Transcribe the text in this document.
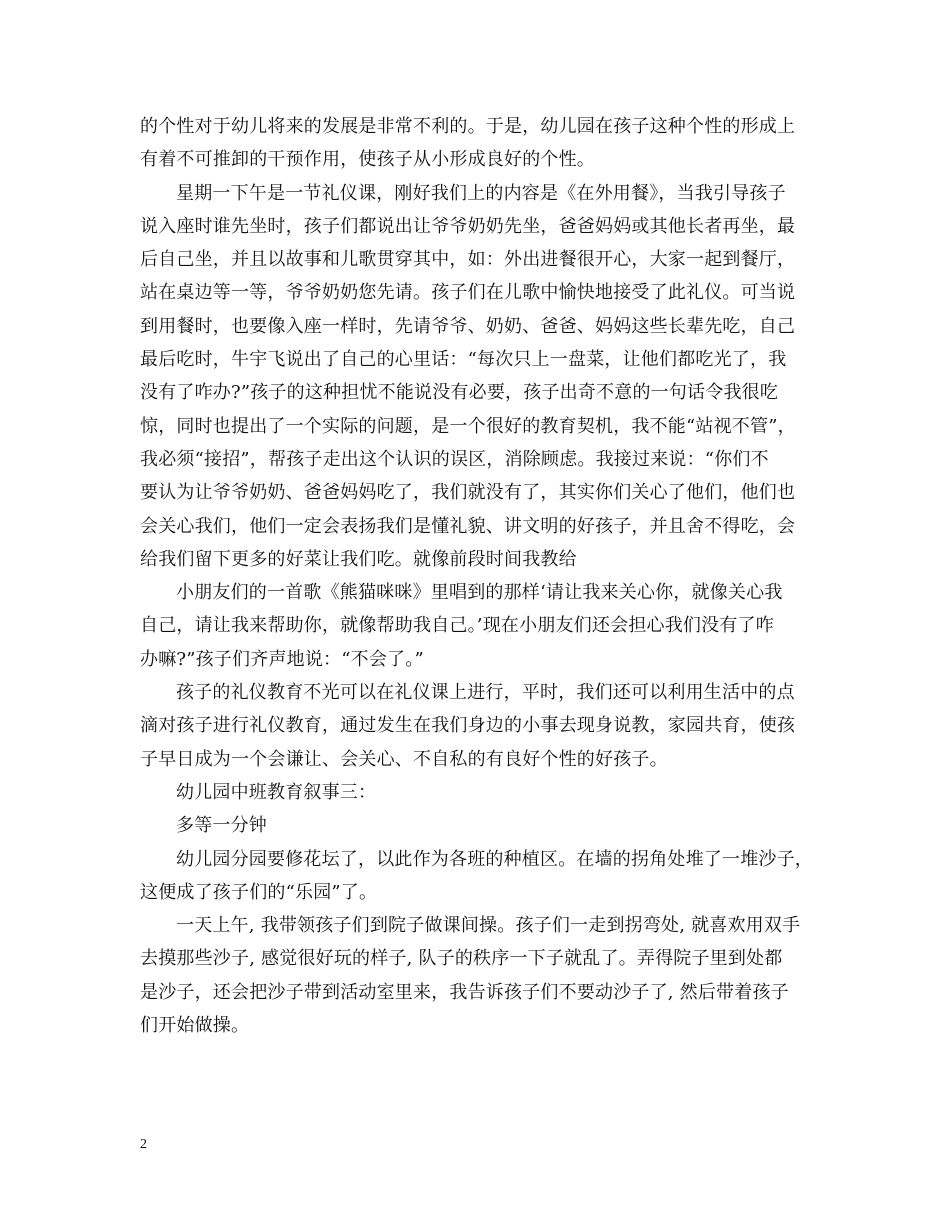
的个性对于幼儿将来的发展是非常不利的。于是，幼儿园在孩子这种个性的形成上
有着不可推卸的干预作用，使孩子从小形成良好的个性。
星期一下午是一节礼仪课，刚好我们上的内容是《在外用餐》，当我引导孩子
说入座时谁先坐时，孩子们都说出让爷爷奶奶先坐，爸爸妈妈或其他长者再坐，最
后自己坐，并且以故事和儿歌贯穿其中，如：外出进餐很开心，大家一起到餐厅，
站在桌边等一等，爷爷奶奶您先请。孩子们在儿歌中愉快地接受了此礼仪。可当说
到用餐时，也要像入座一样时，先请爷爷、奶奶、爸爸、妈妈这些长辈先吃，自己
最后吃时，牛宇飞说出了自己的心里话：“每次只上一盘菜，让他们都吃光了，我
没有了咋办?”孩子的这种担忧不能说没有必要，孩子出奇不意的一句话令我很吃
惊，同时也提出了一个实际的问题，是一个很好的教育契机，我不能“站视不管”，
我必须“接招”，帮孩子走出这个认识的误区，消除顾虑。我接过来说：“你们不
要认为让爷爷奶奶、爸爸妈妈吃了，我们就没有了，其实你们关心了他们，他们也
会关心我们，他们一定会表扬我们是懂礼貌、讲文明的好孩子，并且舍不得吃，会
给我们留下更多的好菜让我们吃。就像前段时间我教给
小朋友们的一首歌《熊猫咪咪》里唱到的那样‘请让我来关心你，就像关心我
自己，请让我来帮助你，就像帮助我自己。’现在小朋友们还会担心我们没有了咋
办嘛?”孩子们齐声地说：“不会了。”
孩子的礼仪教育不光可以在礼仪课上进行，平时，我们还可以利用生活中的点
滴对孩子进行礼仪教育，通过发生在我们身边的小事去现身说教，家园共育，使孩
子早日成为一个会谦让、会关心、不自私的有良好个性的好孩子。
幼儿园中班教育叙事三：
多等一分钟
幼儿园分园要修花坛了，以此作为各班的种植区。在墙的拐角处堆了一堆沙子，
这便成了孩子们的“乐园”了。
一天上午, 我带领孩子们到院子做课间操。孩子们一走到拐弯处, 就喜欢用双手
去摸那些沙子, 感觉很好玩的样子, 队子的秩序一下子就乱了。弄得院子里到处都
是沙子，还会把沙子带到活动室里来，我告诉孩子们不要动沙子了, 然后带着孩子
们开始做操。
2
